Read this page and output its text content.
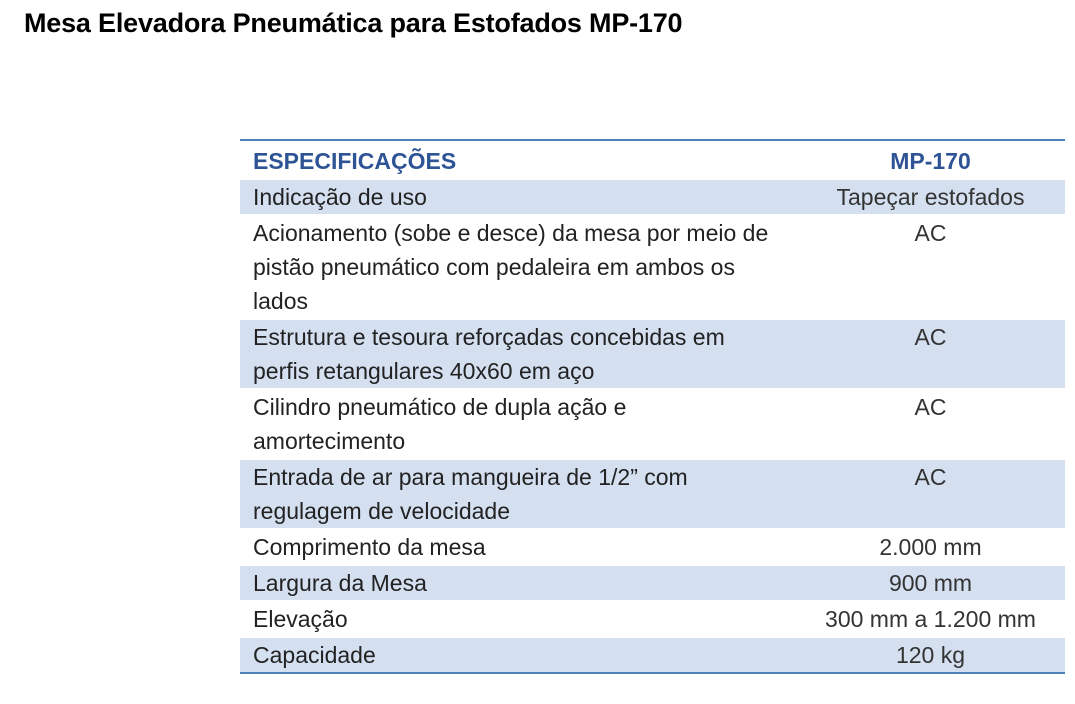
Mesa Elevadora Pneumática para Estofados MP-170
ESPECIFICAÇÕES	MP-170
Indicação de uso	Tapeçar estofados
Acionamento (sobe e desce) da mesa por meio de pistão pneumático com pedaleira em ambos os lados	AC
Estrutura e tesoura reforçadas concebidas em perfis retangulares 40x60 em aço	AC
Cilindro pneumático de dupla ação e amortecimento	AC
Entrada de ar para mangueira de 1/2” com regulagem de velocidade	AC
Comprimento da mesa	2.000 mm
Largura da Mesa	900 mm
Elevação	300 mm a 1.200 mm
Capacidade	120 kg
